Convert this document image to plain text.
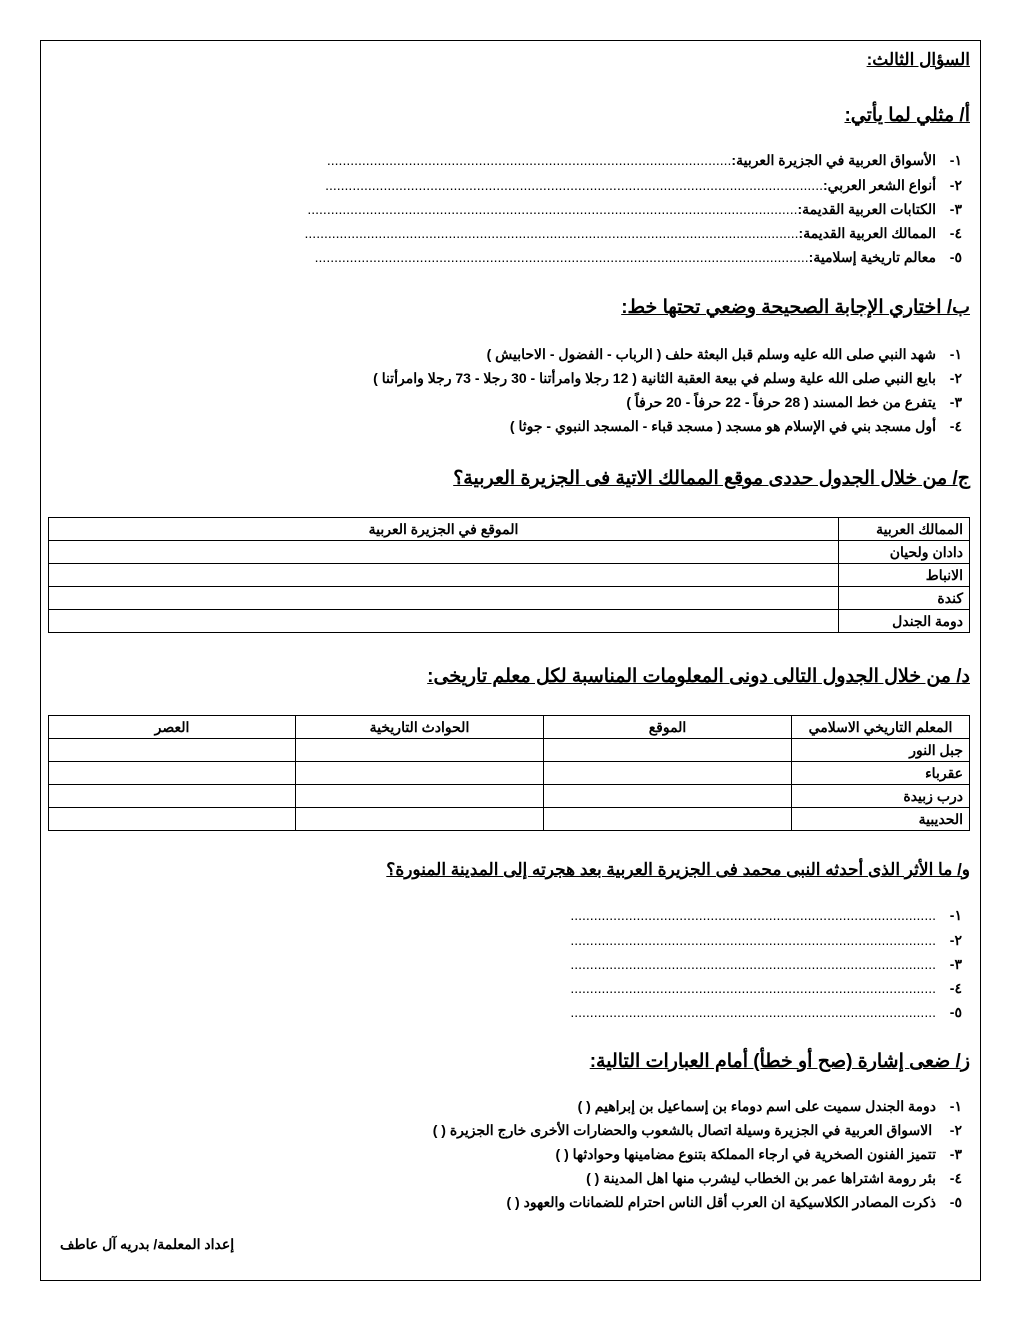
السؤال الثالث:
أ/ مثلي لما يأتي:
ب/ اختاري الإجابة الصحيحة وضعي تحتها خط:
ج/ من خلال الجدول حددى موقع الممالك الاتية فى الجزيرة العربية؟
الممالك العربية	الموقع في الجزيرة العربية
دادان ولحيان	
الانباط	
كندة	
دومة الجندل	
د/ من خلال الجدول التالى دونى المعلومات المناسبة لكل معلم تاريخى:
المعلم التاريخي الاسلامي	الموقع	الحوادث التاريخية	العصر
جبل النور			
عقرباء			
درب زبيدة			
الحديبية			
و/ ما الأثر الذى أحدثه النبى محمد فى الجزيرة العربية بعد هجرته إلى المدينة المنورة؟
ز/ ضعى إشارة (صح أو خطأ) أمام العبارات التالية:
إعداد المعلمة/ بدريه آل عاطف
١-الأسواق العربية في الجزيرة العربية:........................................................................................................
٢-أنواع الشعر العربي:................................................................................................................................
٣-الكتابات العربية القديمة:..............................................................................................................................
٤-الممالك العربية القديمة:...............................................................................................................................
٥-معالم تاريخية إسلامية:...............................................................................................................................
١-شهد النبي صلى الله عليه وسلم قبل البعثة حلف ( الرباب - الفضول - الاحابيش )
٢-بايع النبي صلى الله علية وسلم في بيعة العقبة الثانية ( 12 رجلا وامرأتنا - 30 رجلا - 73 رجلا وامرأتنا )
٣-يتفرع من خط المسند ( 28 حرفاً - 22 حرفاً - 20 حرفاً )
٤-أول مسجد بني في الإسلام هو مسجد ( مسجد قباء - المسجد النبوي - جوثا )
١-..............................................................................................
٢-..............................................................................................
٣-..............................................................................................
٤-..............................................................................................
٥-..............................................................................................
١-دومة الجندل سميت على اسم دوماء بن إسماعيل بن إبراهيم ( )
٢- الاسواق العربية في الجزيرة وسيلة اتصال بالشعوب والحضارات الأخرى خارج الجزيرة ( )
٣-تتميز الفنون الصخرية في ارجاء المملكة بتنوع مضامينها وحوادثها ( )
٤-بئر رومة اشتراها عمر بن الخطاب ليشرب منها اهل المدينة ( )
٥-ذكرت المصادر الكلاسيكية ان العرب أقل الناس احترام للضمانات والعهود ( )
